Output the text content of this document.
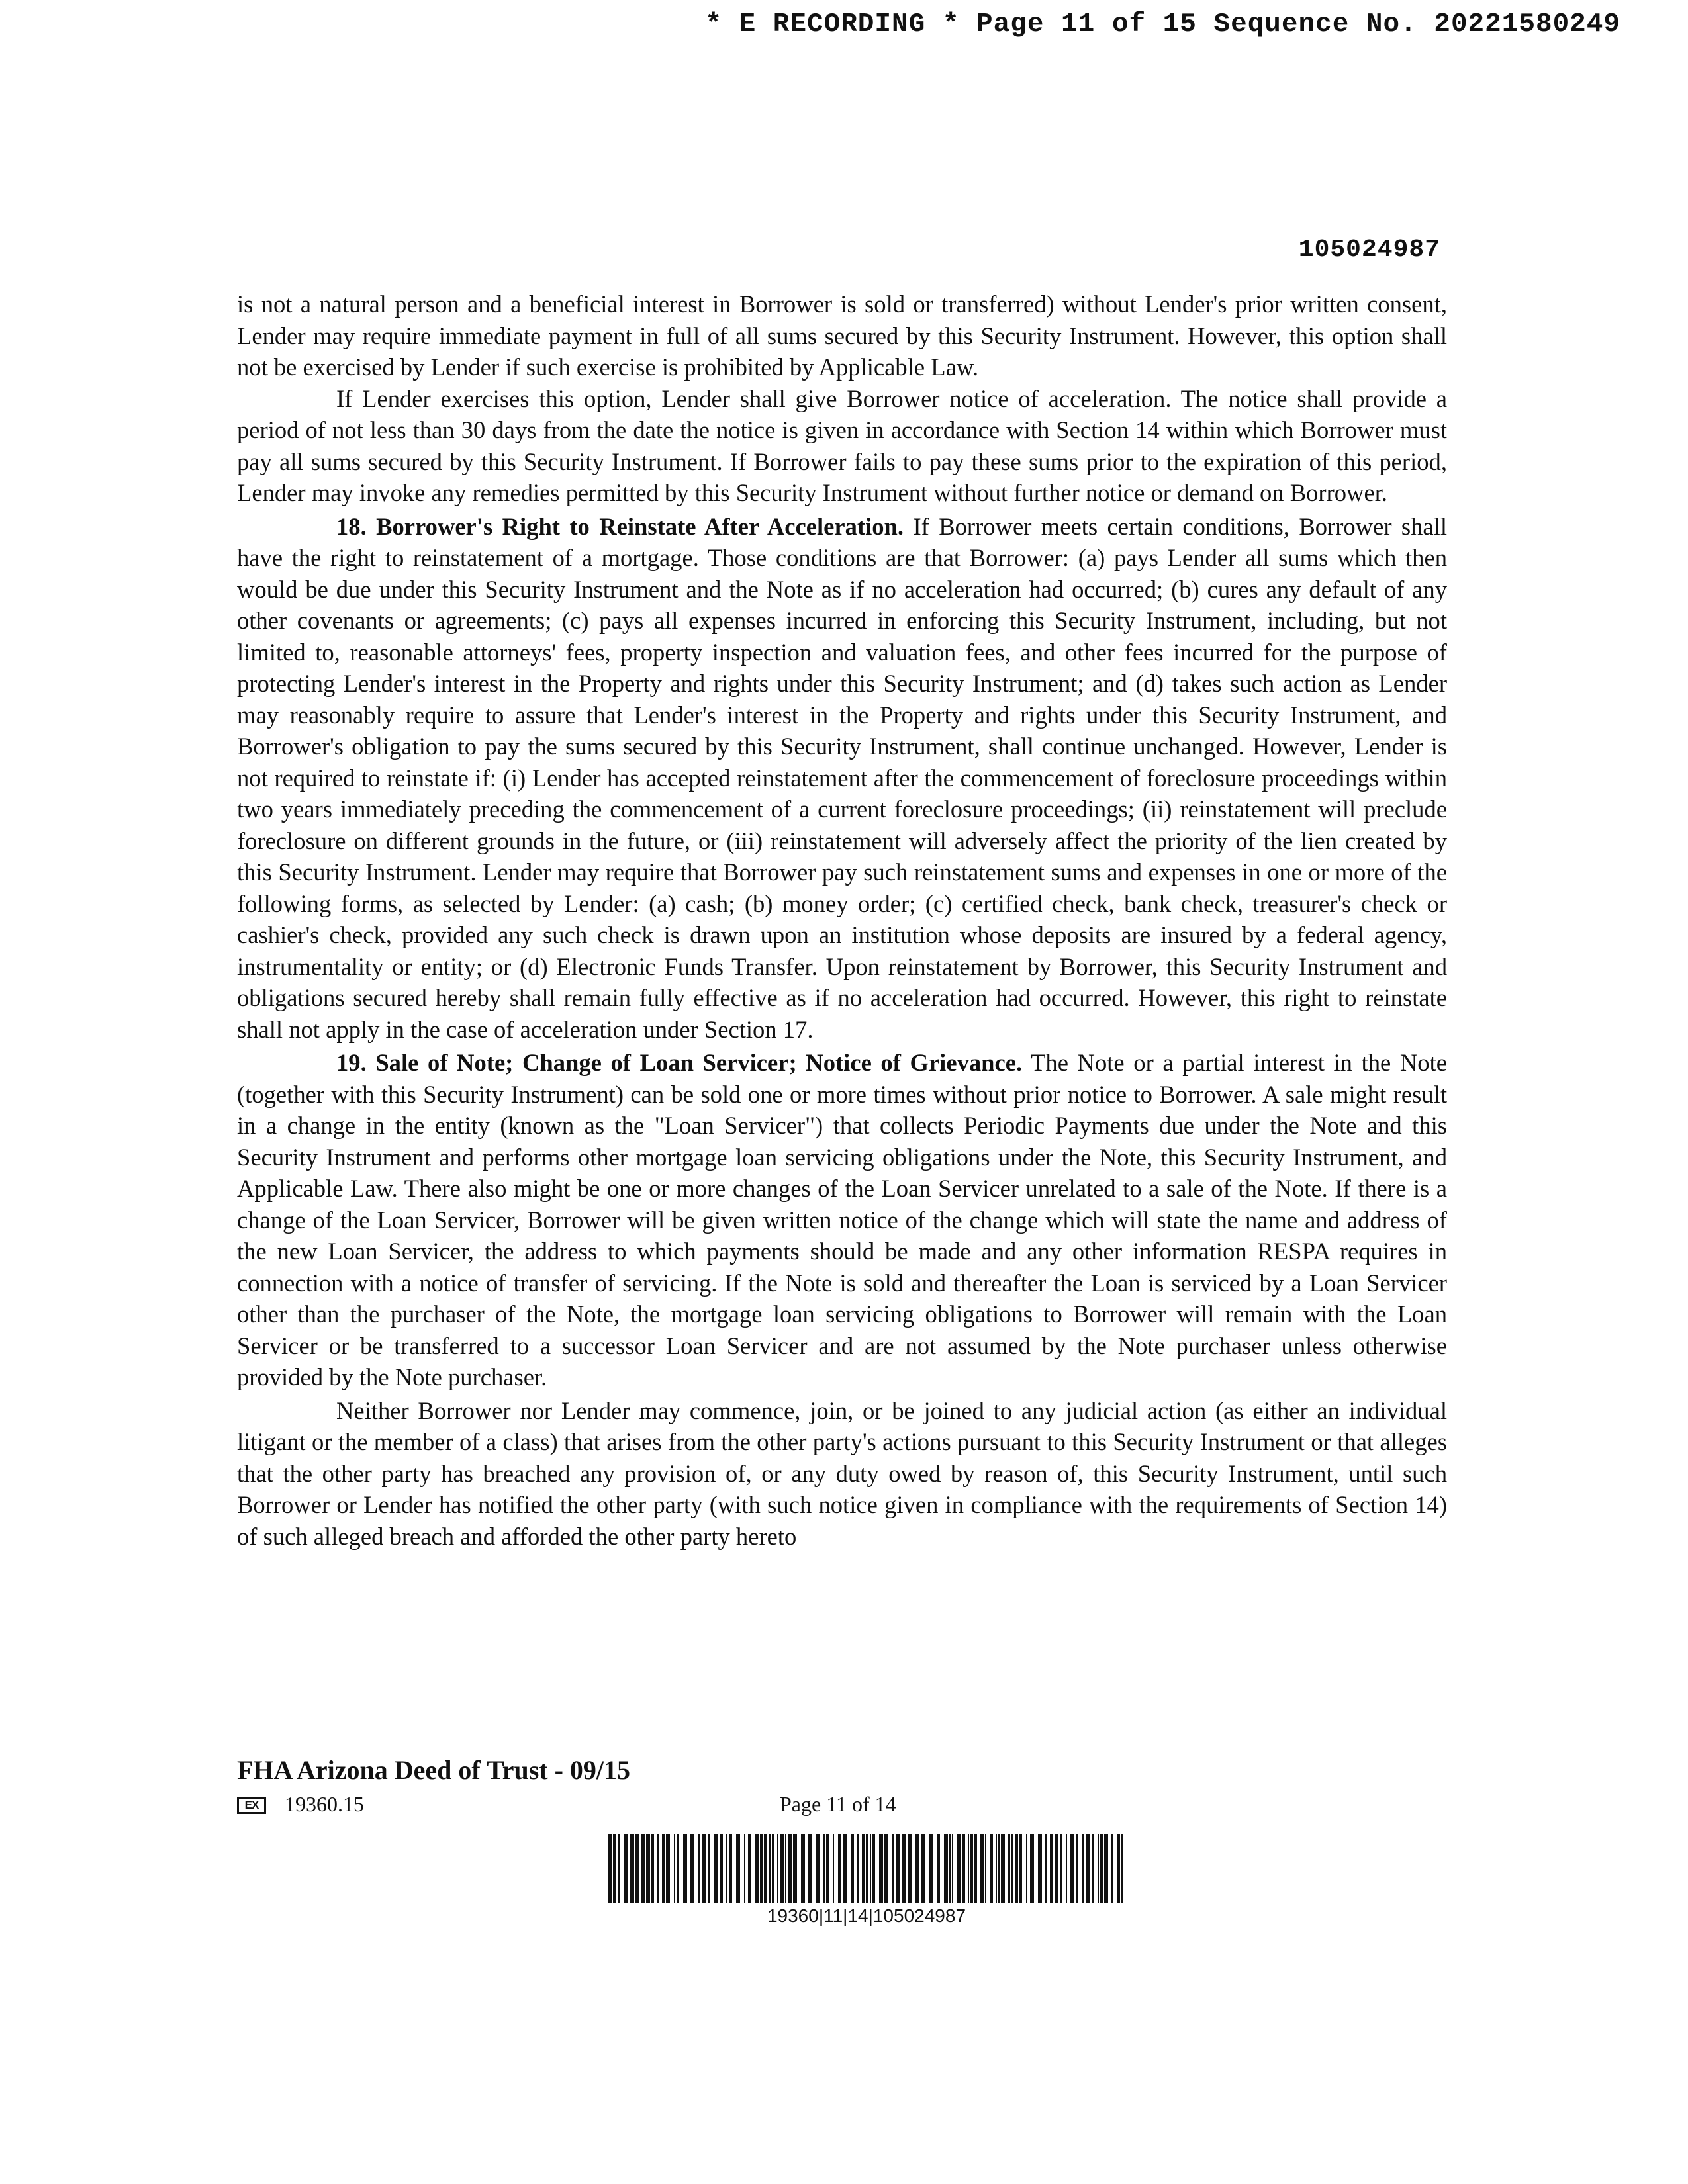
* E RECORDING * Page 11 of 15 Sequence No. 20221580249
105024987

is not a natural person and a beneficial interest in Borrower is sold or transferred) without Lender's prior written consent, Lender may require immediate payment in full of all sums secured by this Security Instrument. However, this option shall not be exercised by Lender if such exercise is prohibited by Applicable Law.

If Lender exercises this option, Lender shall give Borrower notice of acceleration. The notice shall provide a period of not less than 30 days from the date the notice is given in accordance with Section 14 within which Borrower must pay all sums secured by this Security Instrument. If Borrower fails to pay these sums prior to the expiration of this period, Lender may invoke any remedies permitted by this Security Instrument without further notice or demand on Borrower.

18. Borrower's Right to Reinstate After Acceleration. If Borrower meets certain conditions, Borrower shall have the right to reinstatement of a mortgage. Those conditions are that Borrower: (a) pays Lender all sums which then would be due under this Security Instrument and the Note as if no acceleration had occurred; (b) cures any default of any other covenants or agreements; (c) pays all expenses incurred in enforcing this Security Instrument, including, but not limited to, reasonable attorneys' fees, property inspection and valuation fees, and other fees incurred for the purpose of protecting Lender's interest in the Property and rights under this Security Instrument; and (d) takes such action as Lender may reasonably require to assure that Lender's interest in the Property and rights under this Security Instrument, and Borrower's obligation to pay the sums secured by this Security Instrument, shall continue unchanged. However, Lender is not required to reinstate if: (i) Lender has accepted reinstatement after the commencement of foreclosure proceedings within two years immediately preceding the commencement of a current foreclosure proceedings; (ii) reinstatement will preclude foreclosure on different grounds in the future, or (iii) reinstatement will adversely affect the priority of the lien created by this Security Instrument. Lender may require that Borrower pay such reinstatement sums and expenses in one or more of the following forms, as selected by Lender: (a) cash; (b) money order; (c) certified check, bank check, treasurer's check or cashier's check, provided any such check is drawn upon an institution whose deposits are insured by a federal agency, instrumentality or entity; or (d) Electronic Funds Transfer. Upon reinstatement by Borrower, this Security Instrument and obligations secured hereby shall remain fully effective as if no acceleration had occurred. However, this right to reinstate shall not apply in the case of acceleration under Section 17.

19. Sale of Note; Change of Loan Servicer; Notice of Grievance. The Note or a partial interest in the Note (together with this Security Instrument) can be sold one or more times without prior notice to Borrower. A sale might result in a change in the entity (known as the "Loan Servicer") that collects Periodic Payments due under the Note and this Security Instrument and performs other mortgage loan servicing obligations under the Note, this Security Instrument, and Applicable Law. There also might be one or more changes of the Loan Servicer unrelated to a sale of the Note. If there is a change of the Loan Servicer, Borrower will be given written notice of the change which will state the name and address of the new Loan Servicer, the address to which payments should be made and any other information RESPA requires in connection with a notice of transfer of servicing. If the Note is sold and thereafter the Loan is serviced by a Loan Servicer other than the purchaser of the Note, the mortgage loan servicing obligations to Borrower will remain with the Loan Servicer or be transferred to a successor Loan Servicer and are not assumed by the Note purchaser unless otherwise provided by the Note purchaser.

Neither Borrower nor Lender may commence, join, or be joined to any judicial action (as either an individual litigant or the member of a class) that arises from the other party's actions pursuant to this Security Instrument or that alleges that the other party has breached any provision of, or any duty owed by reason of, this Security Instrument, until such Borrower or Lender has notified the other party (with such notice given in compliance with the requirements of Section 14) of such alleged breach and afforded the other party hereto

FHA Arizona Deed of Trust - 09/15
EX	19360.15	Page 11 of 14
19360|11|14|105024987
